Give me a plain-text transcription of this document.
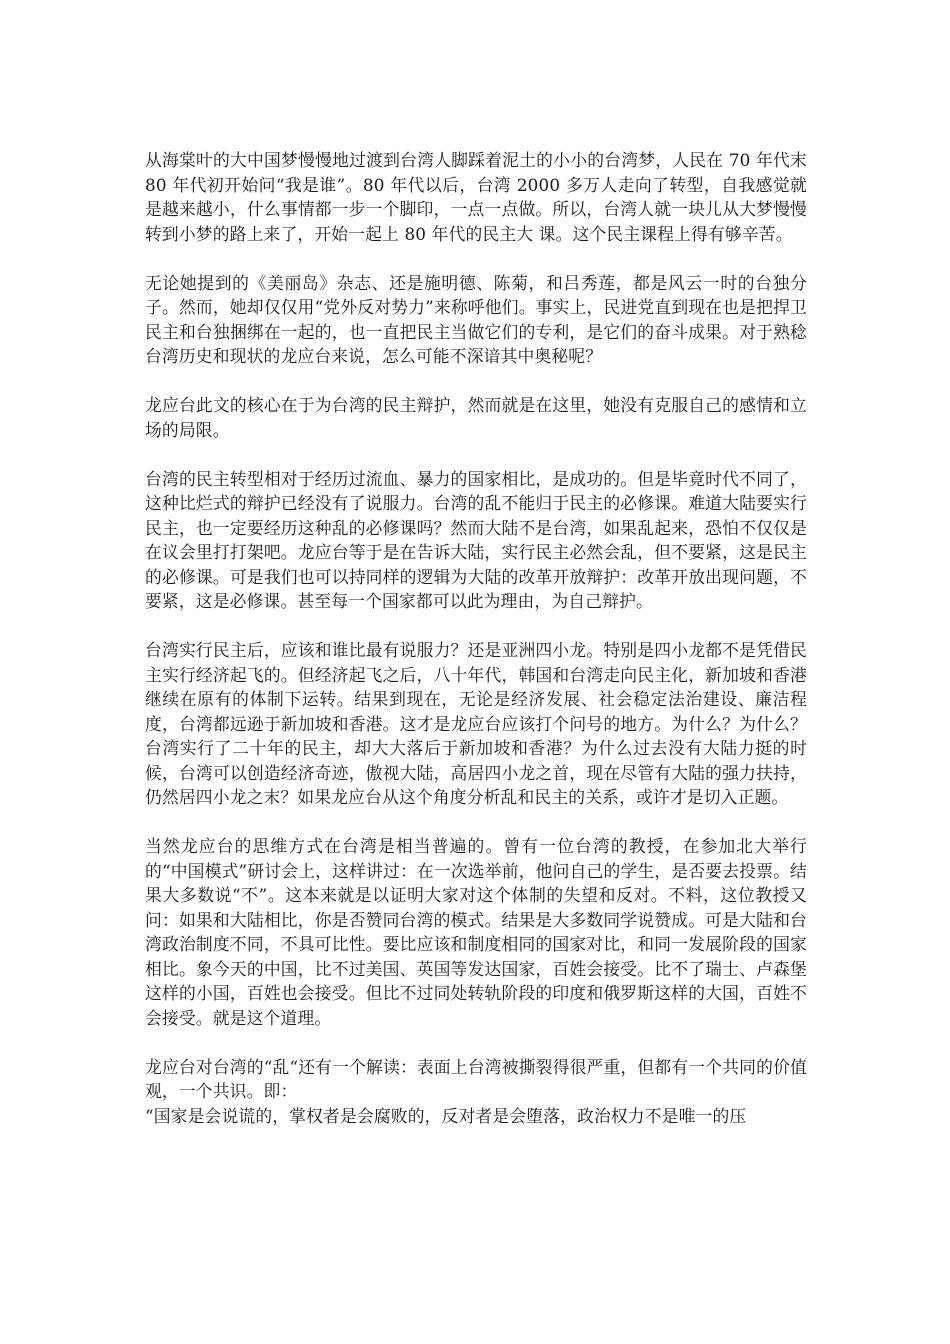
从海棠叶的大中国梦慢慢地过渡到台湾人脚踩着泥土的小小的台湾梦，人民在 70 年代末 80 年代初开始问“我是谁”。80 年代以后，台湾 2000 多万人走向了转型，自我感觉就是越来越小，什么事情都一步一个脚印，一点一点做。所以，台湾人就一块儿从大梦慢慢转到小梦的路上来了，开始一起上 80 年代的民主大 课。这个民主课程上得有够辛苦。

无论她提到的《美丽岛》杂志、还是施明德、陈菊，和吕秀莲，都是风云一时的台独分子。然而，她却仅仅用“党外反对势力”来称呼他们。事实上，民进党直到现在也是把捍卫民主和台独捆绑在一起的，也一直把民主当做它们的专利，是它们的奋斗成果。对于熟稔台湾历史和现状的龙应台来说，怎么可能不深谙其中奥秘呢？

龙应台此文的核心在于为台湾的民主辩护，然而就是在这里，她没有克服自己的感情和立场的局限。

台湾的民主转型相对于经历过流血、暴力的国家相比，是成功的。但是毕竟时代不同了，这种比烂式的辩护已经没有了说服力。台湾的乱不能归于民主的必修课。难道大陆要实行民主，也一定要经历这种乱的必修课吗？然而大陆不是台湾，如果乱起来，恐怕不仅仅是在议会里打打架吧。龙应台等于是在告诉大陆，实行民主必然会乱，但不要紧，这是民主的必修课。可是我们也可以持同样的逻辑为大陆的改革开放辩护：改革开放出现问题，不要紧，这是必修课。甚至每一个国家都可以此为理由，为自己辩护。

台湾实行民主后，应该和谁比最有说服力？还是亚洲四小龙。特别是四小龙都不是凭借民主实行经济起飞的。但经济起飞之后，八十年代，韩国和台湾走向民主化，新加坡和香港继续在原有的体制下运转。结果到现在，无论是经济发展、社会稳定法治建设、廉洁程度，台湾都远逊于新加坡和香港。这才是龙应台应该打个问号的地方。为什么？为什么？台湾实行了二十年的民主，却大大落后于新加坡和香港？为什么过去没有大陆力挺的时候，台湾可以创造经济奇迹，傲视大陆，高居四小龙之首，现在尽管有大陆的强力扶持，仍然居四小龙之末？如果龙应台从这个角度分析乱和民主的关系，或许才是切入正题。

当然龙应台的思维方式在台湾是相当普遍的。曾有一位台湾的教授，在参加北大举行的“中国模式”研讨会上，这样讲过：在一次选举前，他问自己的学生，是否要去投票。结果大多数说“不”。这本来就是以证明大家对这个体制的失望和反对。不料，这位教授又问：如果和大陆相比，你是否赞同台湾的模式。结果是大多数同学说赞成。可是大陆和台湾政治制度不同，不具可比性。要比应该和制度相同的国家对比，和同一发展阶段的国家相比。象今天的中国，比不过美国、英国等发达国家，百姓会接受。比不了瑞士、卢森堡这样的小国，百姓也会接受。但比不过同处转轨阶段的印度和俄罗斯这样的大国，百姓不会接受。就是这个道理。

龙应台对台湾的“乱“还有一个解读：表面上台湾被撕裂得很严重，但都有一个共同的价值观，一个共识。即：

“国家是会说谎的，掌权者是会腐败的，反对者是会堕落，政治权力不是唯一的压
